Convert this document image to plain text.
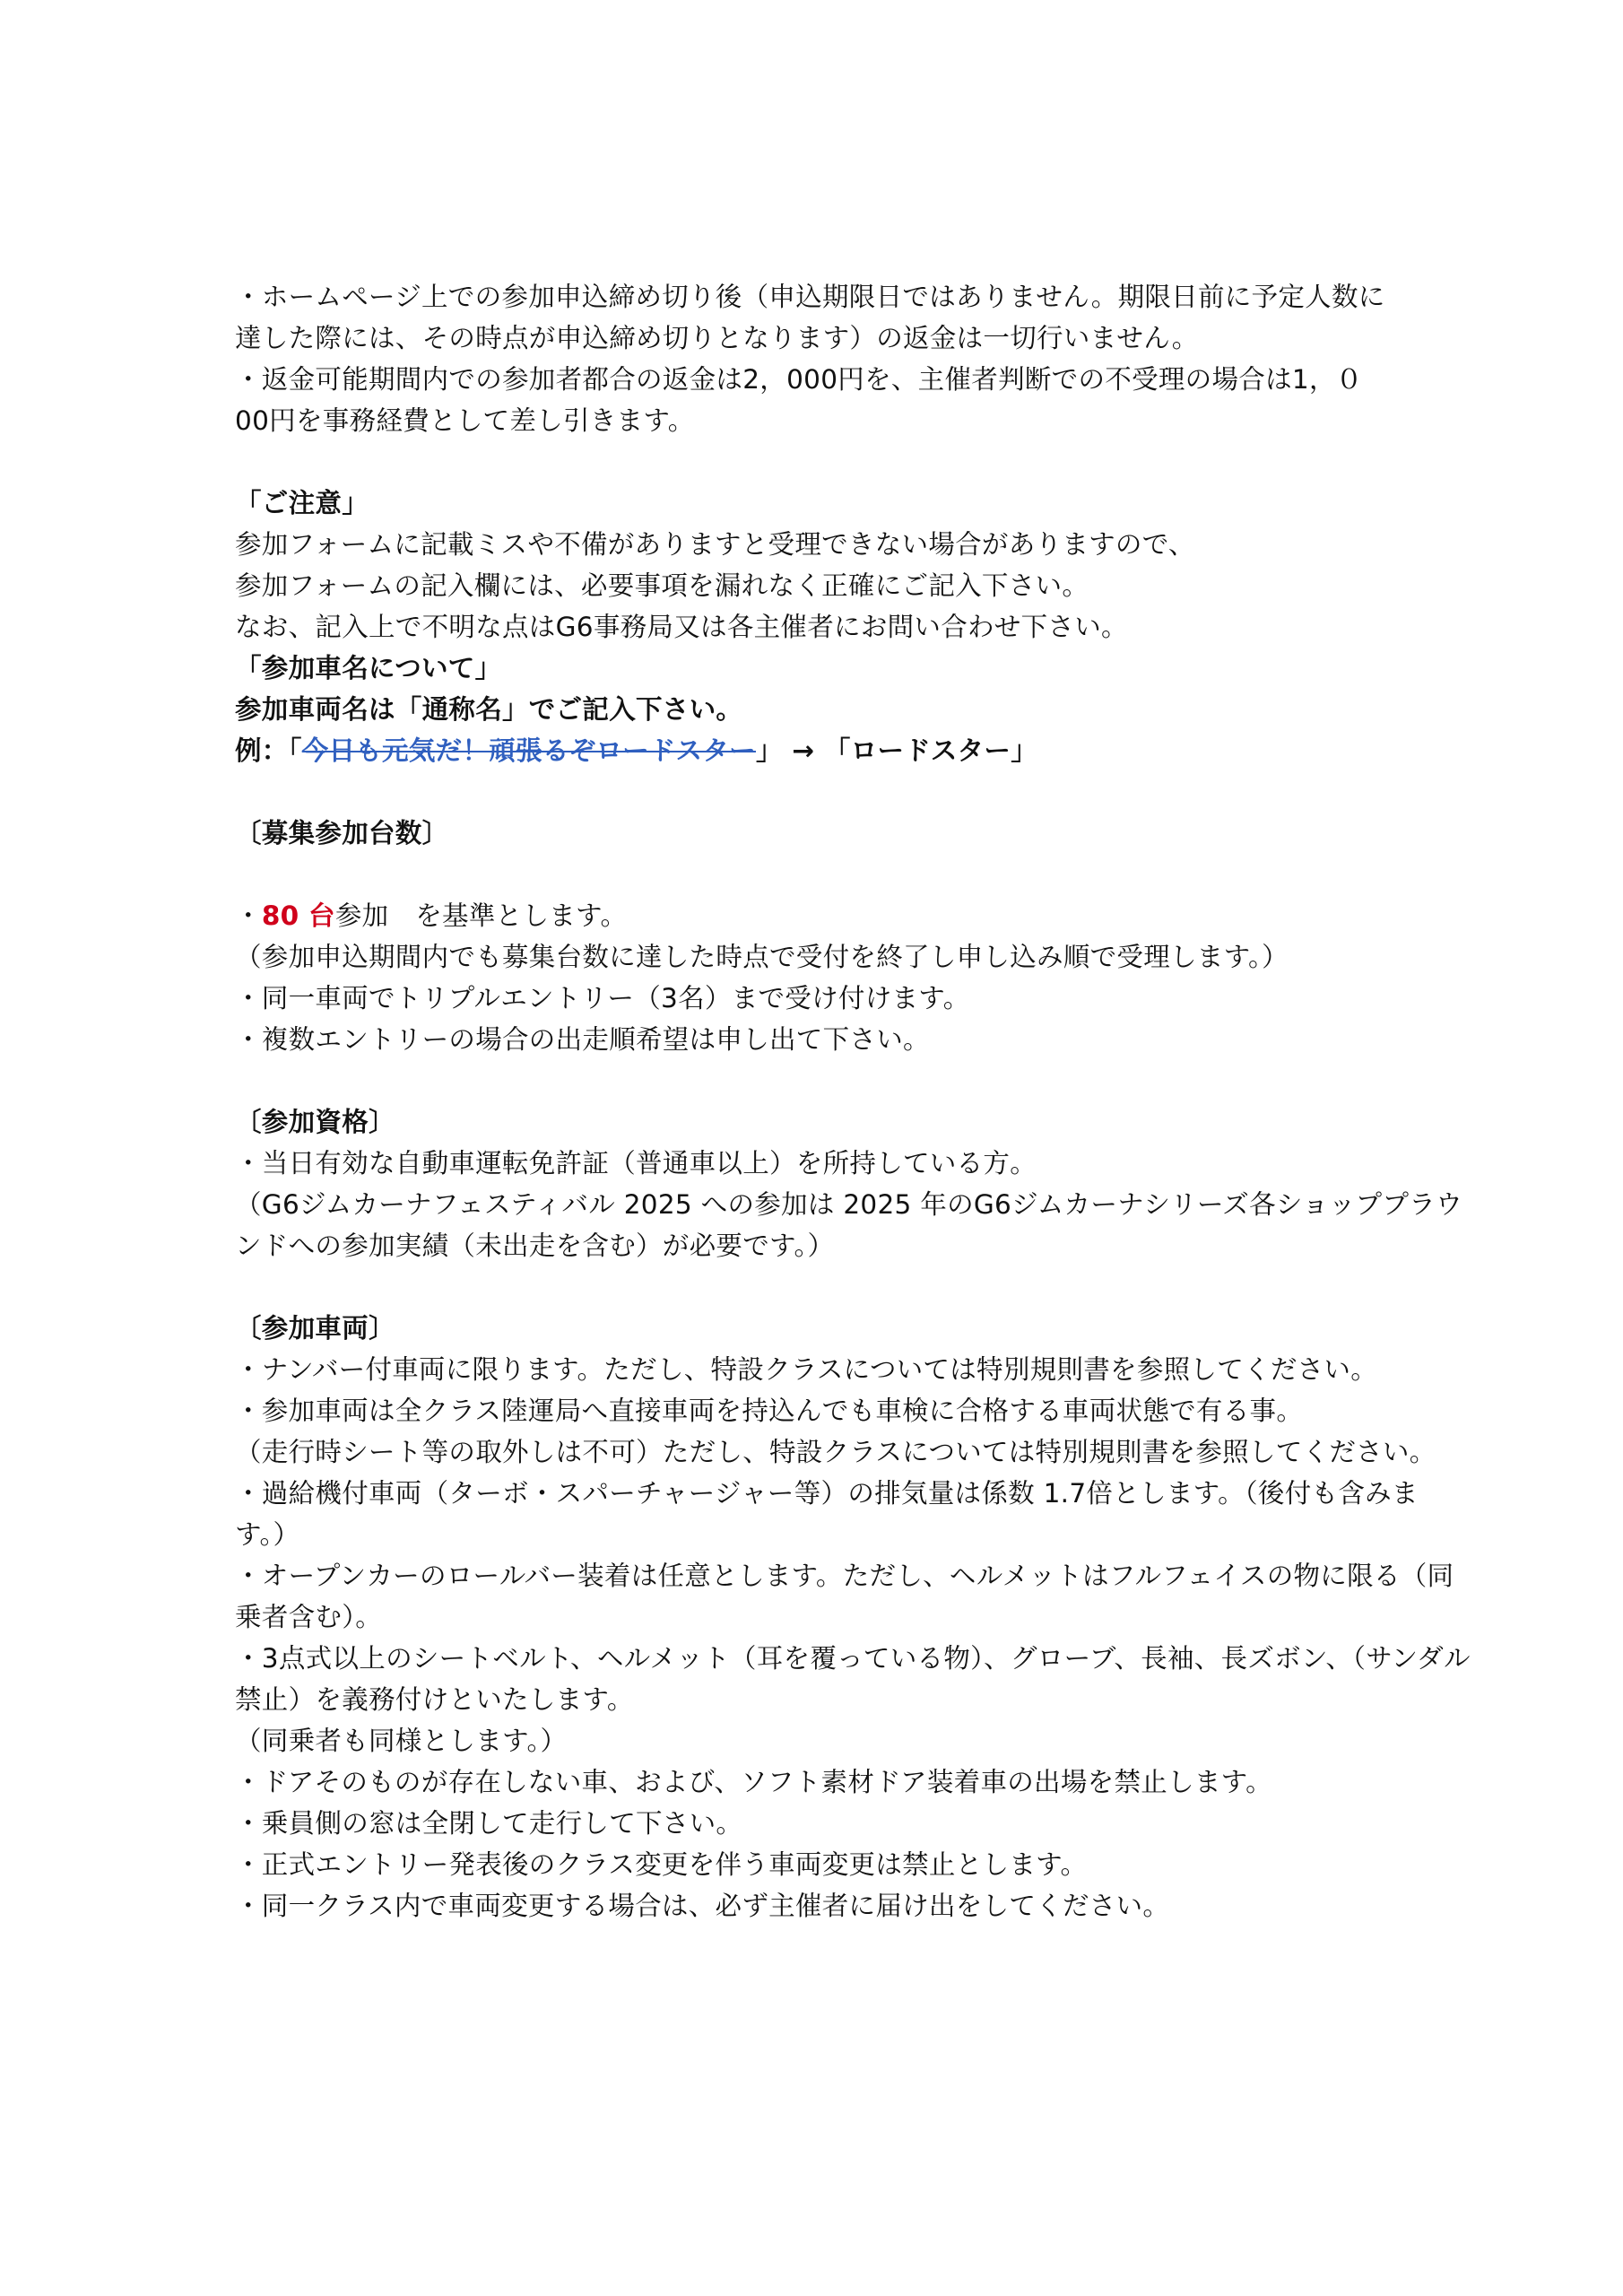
・ホームページ上での参加申込締め切り後（申込期限日ではありません。期限日前に予定人数に
達した際には、その時点が申込締め切りとなります）の返金は一切行いません。
・返金可能期間内での参加者都合の返金は2，000円を、主催者判断での不受理の場合は1，０
00円を事務経費として差し引きます。
「ご注意」
参加フォームに記載ミスや不備がありますと受理できない場合がありますので、
参加フォームの記入欄には、必要事項を漏れなく正確にご記入下さい。
なお、記入上で不明な点はG6事務局又は各主催者にお問い合わせ下さい。
「参加車名について」
参加車両名は「通称名」でご記入下さい。
例：「今日も元気だ！頑張るぞロードスター」 → 「ロードスター」
〔募集参加台数〕
・80 台参加　を基準とします。
（参加申込期間内でも募集台数に達した時点で受付を終了し申し込み順で受理します。）
・同一車両でトリプルエントリー（3名）まで受け付けます。
・複数エントリーの場合の出走順希望は申し出て下さい。
〔参加資格〕
・当日有効な自動車運転免許証（普通車以上）を所持している方。
（G6ジムカーナフェスティバル 2025 への参加は 2025 年のG6ジムカーナシリーズ各ショッププラウ
ンドへの参加実績（未出走を含む）が必要です。）
〔参加車両〕
・ナンバー付車両に限ります。ただし、特設クラスについては特別規則書を参照してください。
・参加車両は全クラス陸運局へ直接車両を持込んでも車検に合格する車両状態で有る事。
（走行時シート等の取外しは不可）ただし、特設クラスについては特別規則書を参照してください。
・過給機付車両（ターボ・スパーチャージャー等）の排気量は係数 1.7倍とします。（後付も含みま
す。）
・オープンカーのロールバー装着は任意とします。ただし、ヘルメットはフルフェイスの物に限る（同
乗者含む）。
・3点式以上のシートベルト、ヘルメット（耳を覆っている物）、グローブ、長袖、長ズボン、（サンダル
禁止）を義務付けといたします。
（同乗者も同様とします。）
・ドアそのものが存在しない車、および、ソフト素材ドア装着車の出場を禁止します。
・乗員側の窓は全閉して走行して下さい。
・正式エントリー発表後のクラス変更を伴う車両変更は禁止とします。
・同一クラス内で車両変更する場合は、必ず主催者に届け出をしてください。
